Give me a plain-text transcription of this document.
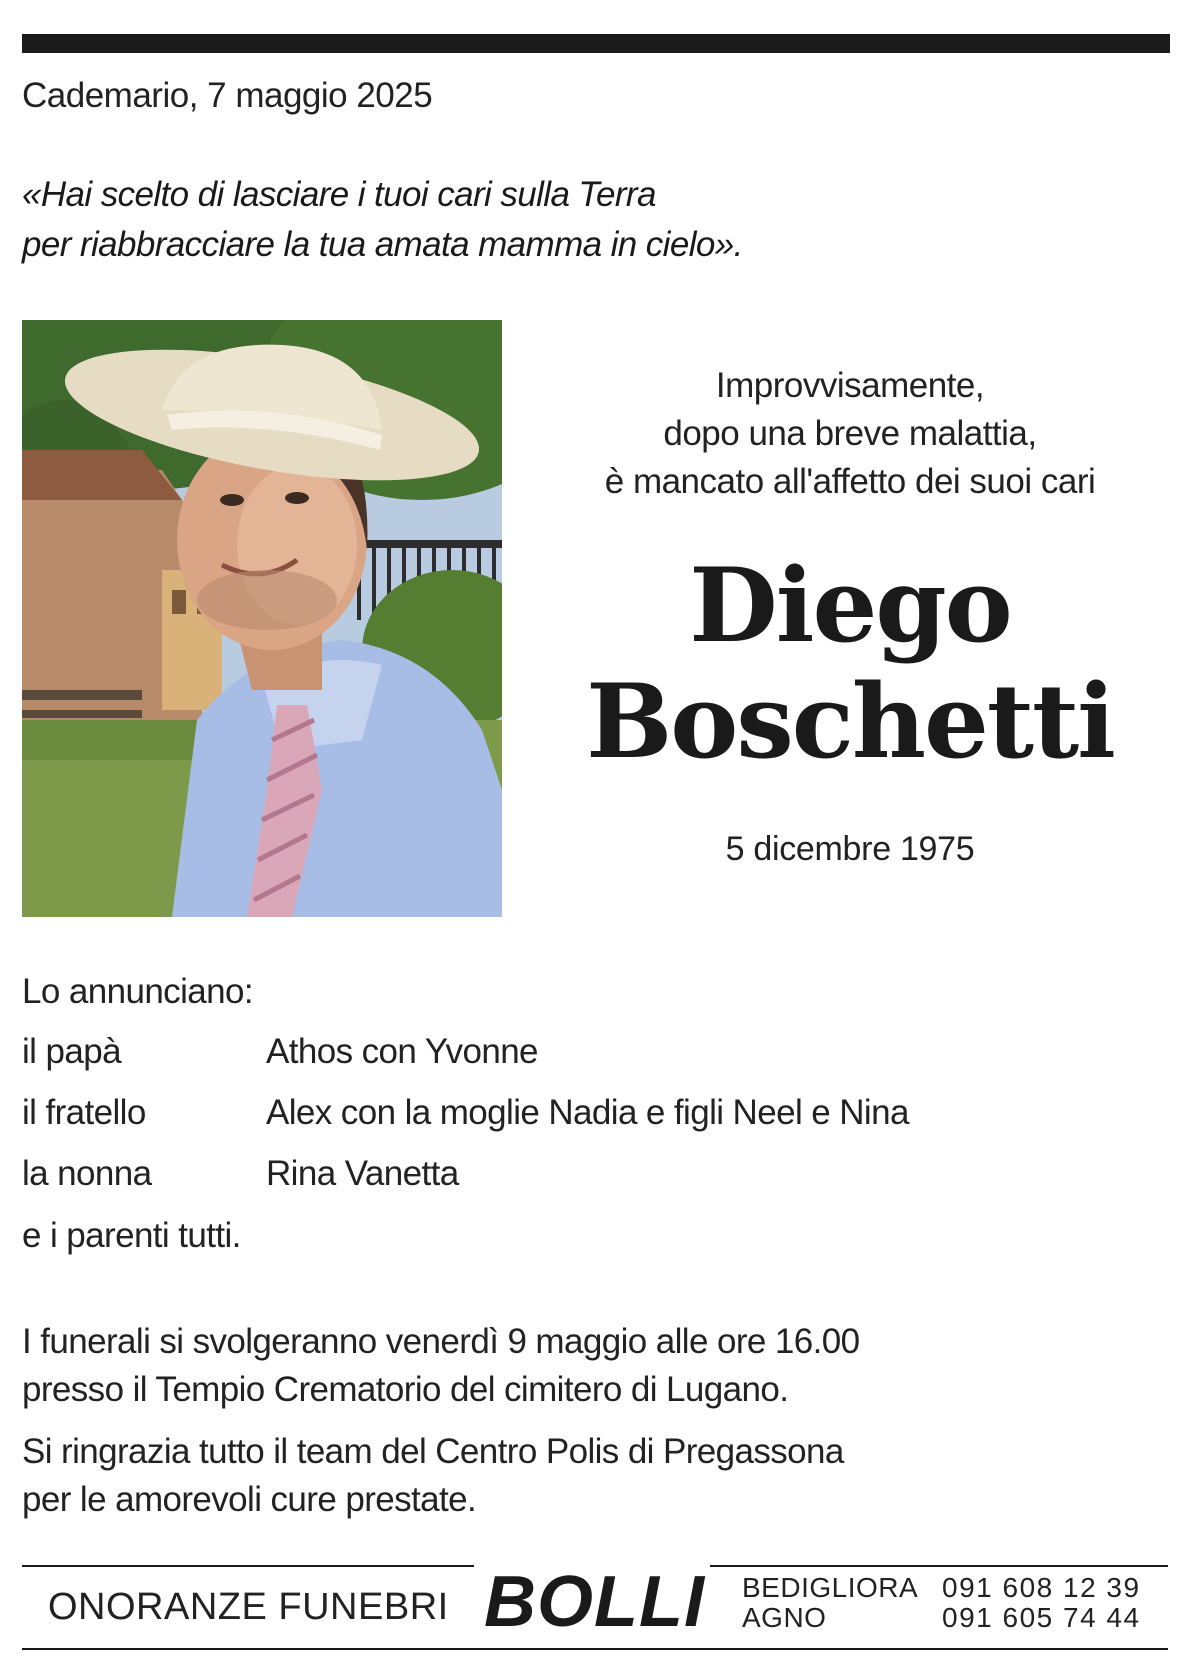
Cademario, 7 maggio 2025
«Hai scelto di lasciare i tuoi cari sulla Terra
per riabbracciare la tua amata mamma in cielo».
Improvvisamente,
dopo una breve malattia,
è mancato all'affetto dei suoi cari
Diego
Boschetti
5 dicembre 1975
Lo annunciano:
il papà	Athos con Yvonne
il fratello	Alex con la moglie Nadia e figli Neel e Nina
la nonna	Rina Vanetta
e i parenti tutti.
I funerali si svolgeranno venerdì 9 maggio alle ore 16.00
presso il Tempio Crematorio del cimitero di Lugano.
Si ringrazia tutto il team del Centro Polis di Pregassona
per le amorevoli cure prestate.
ONORANZE FUNEBRI BOLLI BEDIGLIORA 091 608 12 39
AGNO	091 605 74 44
